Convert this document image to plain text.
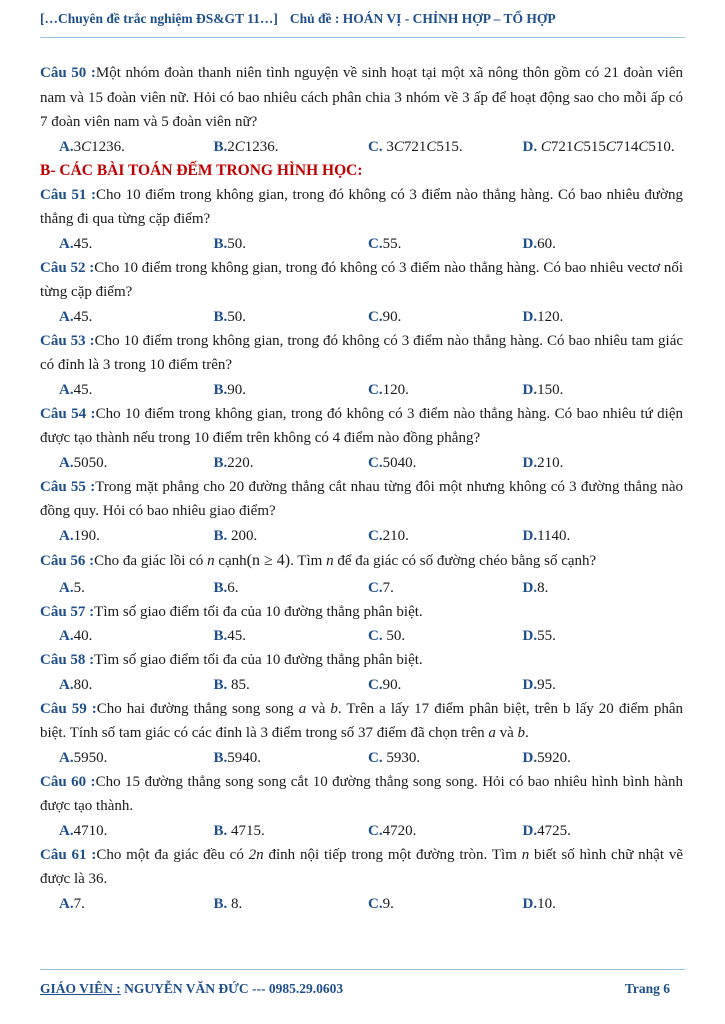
[…Chuyên đề trắc nghiệm ĐS&GT 11…] Chủ đề : HOÁN VỊ - CHỈNH HỢP – TỔ HỢP

Câu 50 :Một nhóm đoàn thanh niên tình nguyện về sinh hoạt tại một xã nông thôn gồm có 21 đoàn viên nam và 15 đoàn viên nữ. Hỏi có bao nhiêu cách phân chia 3 nhóm về 3 ấp để hoạt động sao cho mỗi ấp có 7 đoàn viên nam và 5 đoàn viên nữ?

A.3C1236.	B.2C1236.	C. 3C721C515.	D. C721C515C714C510.

B- CÁC BÀI TOÁN ĐẾM TRONG HÌNH HỌC:

Câu 51 :Cho 10 điểm trong không gian, trong đó không có 3 điểm nào thẳng hàng. Có bao nhiêu đường thẳng đi qua từng cặp điểm?

A.45.	B.50.	C.55.	D.60.

Câu 52 :Cho 10 điểm trong không gian, trong đó không có 3 điểm nào thẳng hàng. Có bao nhiêu vectơ nối từng cặp điểm?

A.45.	B.50.	C.90.	D.120.

Câu 53 :Cho 10 điểm trong không gian, trong đó không có 3 điểm nào thẳng hàng. Có bao nhiêu tam giác có đỉnh là 3 trong 10 điểm trên?

A.45.	B.90.	C.120.	D.150.

Câu 54 :Cho 10 điểm trong không gian, trong đó không có 3 điểm nào thẳng hàng. Có bao nhiêu tứ diện được tạo thành nếu trong 10 điểm trên không có 4 điểm nào đồng phẳng?

A.5050.	B.220.	C.5040.	D.210.

Câu 55 :Trong mặt phẳng cho 20 đường thẳng cắt nhau từng đôi một nhưng không có 3 đường thẳng nào đồng quy. Hỏi có bao nhiêu giao điểm?

A.190.	B. 200.	C.210.	D.1140.

Câu 56 :Cho đa giác lồi có n cạnh(n ≥ 4). Tìm n để đa giác có số đường chéo bằng số cạnh?

A.5.	B.6.	C.7.	D.8.

Câu 57 :Tìm số giao điểm tối đa của 10 đường thẳng phân biệt.

A.40.	B.45.	C. 50.	D.55.

Câu 58 :Tìm số giao điểm tối đa của 10 đường thẳng phân biệt.

A.80.	B. 85.	C.90.	D.95.

Câu 59 :Cho hai đường thẳng song song a và b. Trên a lấy 17 điểm phân biệt, trên b lấy 20 điểm phân biệt. Tính số tam giác có các đỉnh là 3 điểm trong số 37 điểm đã chọn trên a và b.

A.5950.	B.5940.	C. 5930.	D.5920.

Câu 60 :Cho 15 đường thẳng song song cắt 10 đường thẳng song song. Hỏi có bao nhiêu hình bình hành được tạo thành.

A.4710.	B. 4715.	C.4720.	D.4725.

Câu 61 :Cho một đa giác đều có 2n đỉnh nội tiếp trong một đường tròn. Tìm n biết số hình chữ nhật vẽ được là 36.

A.7.	B. 8.	C.9.	D.10.
GIÁO VIÊN : NGUYỄN VĂN ĐỨC --- 0985.29.0603	Trang 6
